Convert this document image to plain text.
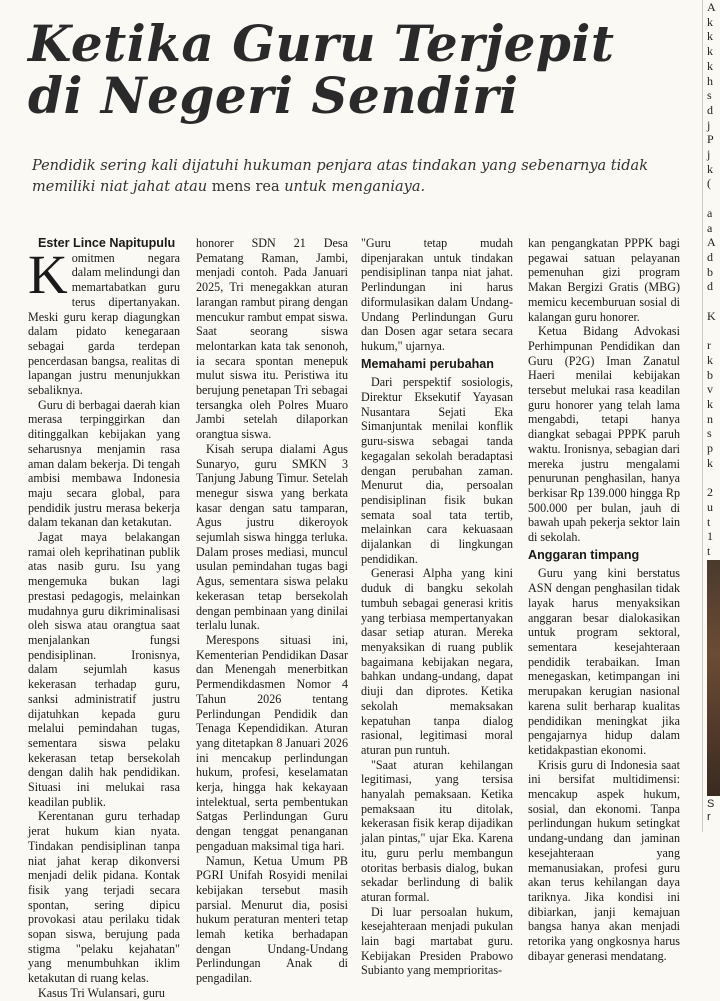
Ketika Guru Terjepit
di Negeri Sendiri

Pendidik sering kali dijatuhi hukuman penjara atas tindakan yang sebenarnya tidak memiliki niat jahat atau mens rea untuk menganiaya.

Ester Lince Napitupulu

Komitmen negara dalam melindungi dan memartabatkan guru terus dipertanyakan. Meski guru kerap diagungkan dalam pidato kenegaraan sebagai garda terdepan pencerdasan bangsa, realitas di lapangan justru menunjukkan sebaliknya.

Guru di berbagai daerah kian merasa terpinggirkan dan ditinggalkan kebijakan yang seharusnya menjamin rasa aman dalam bekerja. Di tengah ambisi membawa Indonesia maju secara global, para pendidik justru merasa bekerja dalam tekanan dan ketakutan.

Jagat maya belakangan ramai oleh keprihatinan publik atas nasib guru. Isu yang mengemuka bukan lagi prestasi pedagogis, melainkan mudahnya guru dikriminalisasi oleh siswa atau orangtua saat menjalankan fungsi pendisiplinan. Ironisnya, dalam sejumlah kasus kekerasan terhadap guru, sanksi administratif justru dijatuhkan kepada guru melalui pemindahan tugas, sementara siswa pelaku kekerasan tetap bersekolah dengan dalih hak pendidikan. Situasi ini melukai rasa keadilan publik.

Kerentanan guru terhadap jerat hukum kian nyata. Tindakan pendisiplinan tanpa niat jahat kerap dikonversi menjadi delik pidana. Kontak fisik yang terjadi secara spontan, sering dipicu provokasi atau perilaku tidak sopan siswa, berujung pada stigma "pelaku kejahatan" yang menumbuhkan iklim ketakutan di ruang kelas.

Kasus Tri Wulansari, guru

honorer SDN 21 Desa Pematang Raman, Jambi, menjadi contoh. Pada Januari 2025, Tri menegakkan aturan larangan rambut pirang dengan mencukur rambut empat siswa. Saat seorang siswa melontarkan kata tak senonoh, ia secara spontan menepuk mulut siswa itu. Peristiwa itu berujung penetapan Tri sebagai tersangka oleh Polres Muaro Jambi setelah dilaporkan orangtua siswa.

Kisah serupa dialami Agus Sunaryo, guru SMKN 3 Tanjung Jabung Timur. Setelah menegur siswa yang berkata kasar dengan satu tamparan, Agus justru dikeroyok sejumlah siswa hingga terluka. Dalam proses mediasi, muncul usulan pemindahan tugas bagi Agus, sementara siswa pelaku kekerasan tetap bersekolah dengan pembinaan yang dinilai terlalu lunak.

Merespons situasi ini, Kementerian Pendidikan Dasar dan Menengah menerbitkan Permendikdasmen Nomor 4 Tahun 2026 tentang Perlindungan Pendidik dan Tenaga Kependidikan. Aturan yang ditetapkan 8 Januari 2026 ini mencakup perlindungan hukum, profesi, keselamatan kerja, hingga hak kekayaan intelektual, serta pembentukan Satgas Perlindungan Guru dengan tenggat penanganan pengaduan maksimal tiga hari.

Namun, Ketua Umum PB PGRI Unifah Rosyidi menilai kebijakan tersebut masih parsial. Menurut dia, posisi hukum peraturan menteri tetap lemah ketika berhadapan dengan Undang-Undang Perlindungan Anak di pengadilan.

"Guru tetap mudah dipenjarakan untuk tindakan pendisiplinan tanpa niat jahat. Perlindungan ini harus diformulasikan dalam Undang-Undang Perlindungan Guru dan Dosen agar setara secara hukum," ujarnya.

Memahami perubahan

Dari perspektif sosiologis, Direktur Eksekutif Yayasan Nusantara Sejati Eka Simanjuntak menilai konflik guru-siswa sebagai tanda kegagalan sekolah beradaptasi dengan perubahan zaman. Menurut dia, persoalan pendisiplinan fisik bukan semata soal tata tertib, melainkan cara kekuasaan dijalankan di lingkungan pendidikan.

Generasi Alpha yang kini duduk di bangku sekolah tumbuh sebagai generasi kritis yang terbiasa mempertanyakan dasar setiap aturan. Mereka menyaksikan di ruang publik bagaimana kebijakan negara, bahkan undang-undang, dapat diuji dan diprotes. Ketika sekolah memaksakan kepatuhan tanpa dialog rasional, legitimasi moral aturan pun runtuh.

"Saat aturan kehilangan legitimasi, yang tersisa hanyalah pemaksaan. Ketika pemaksaan itu ditolak, kekerasan fisik kerap dijadikan jalan pintas," ujar Eka. Karena itu, guru perlu membangun otoritas berbasis dialog, bukan sekadar berlindung di balik aturan formal.

Di luar persoalan hukum, kesejahteraan menjadi pukulan lain bagi martabat guru. Kebijakan Presiden Prabowo Subianto yang memprioritas-

kan pengangkatan PPPK bagi pegawai satuan pelayanan pemenuhan gizi program Makan Bergizi Gratis (MBG) memicu kecemburuan sosial di kalangan guru honorer.

Ketua Bidang Advokasi Perhimpunan Pendidikan dan Guru (P2G) Iman Zanatul Haeri menilai kebijakan tersebut melukai rasa keadilan guru honorer yang telah lama mengabdi, tetapi hanya diangkat sebagai PPPK paruh waktu. Ironisnya, sebagian dari mereka justru mengalami penurunan penghasilan, hanya berkisar Rp 139.000 hingga Rp 500.000 per bulan, jauh di bawah upah pekerja sektor lain di sekolah.

Anggaran timpang

Guru yang kini berstatus ASN dengan penghasilan tidak layak harus menyaksikan anggaran besar dialokasikan untuk program sektoral, sementara kesejahteraan pendidik terabaikan. Iman menegaskan, ketimpangan ini merupakan kerugian nasional karena sulit berharap kualitas pendidikan meningkat jika pengajarnya hidup dalam ketidakpastian ekonomi.

Krisis guru di Indonesia saat ini bersifat multidimensi: mencakup aspek hukum, sosial, dan ekonomi. Tanpa perlindungan hukum setingkat undang-undang dan jaminan kesejahteraan yang memanusiakan, profesi guru akan terus kehilangan daya tariknya. Jika kondisi ini dibiarkan, janji kemajuan bangsa hanya akan menjadi retorika yang ongkosnya harus dibayar generasi mendatang.

A
k
k
k
k
h
s
d
j
P
j
k
(

a
a
A
d
b
d

K

r
k
b
v
k
n
s
p
k

2
u
t
1
t
S
r
